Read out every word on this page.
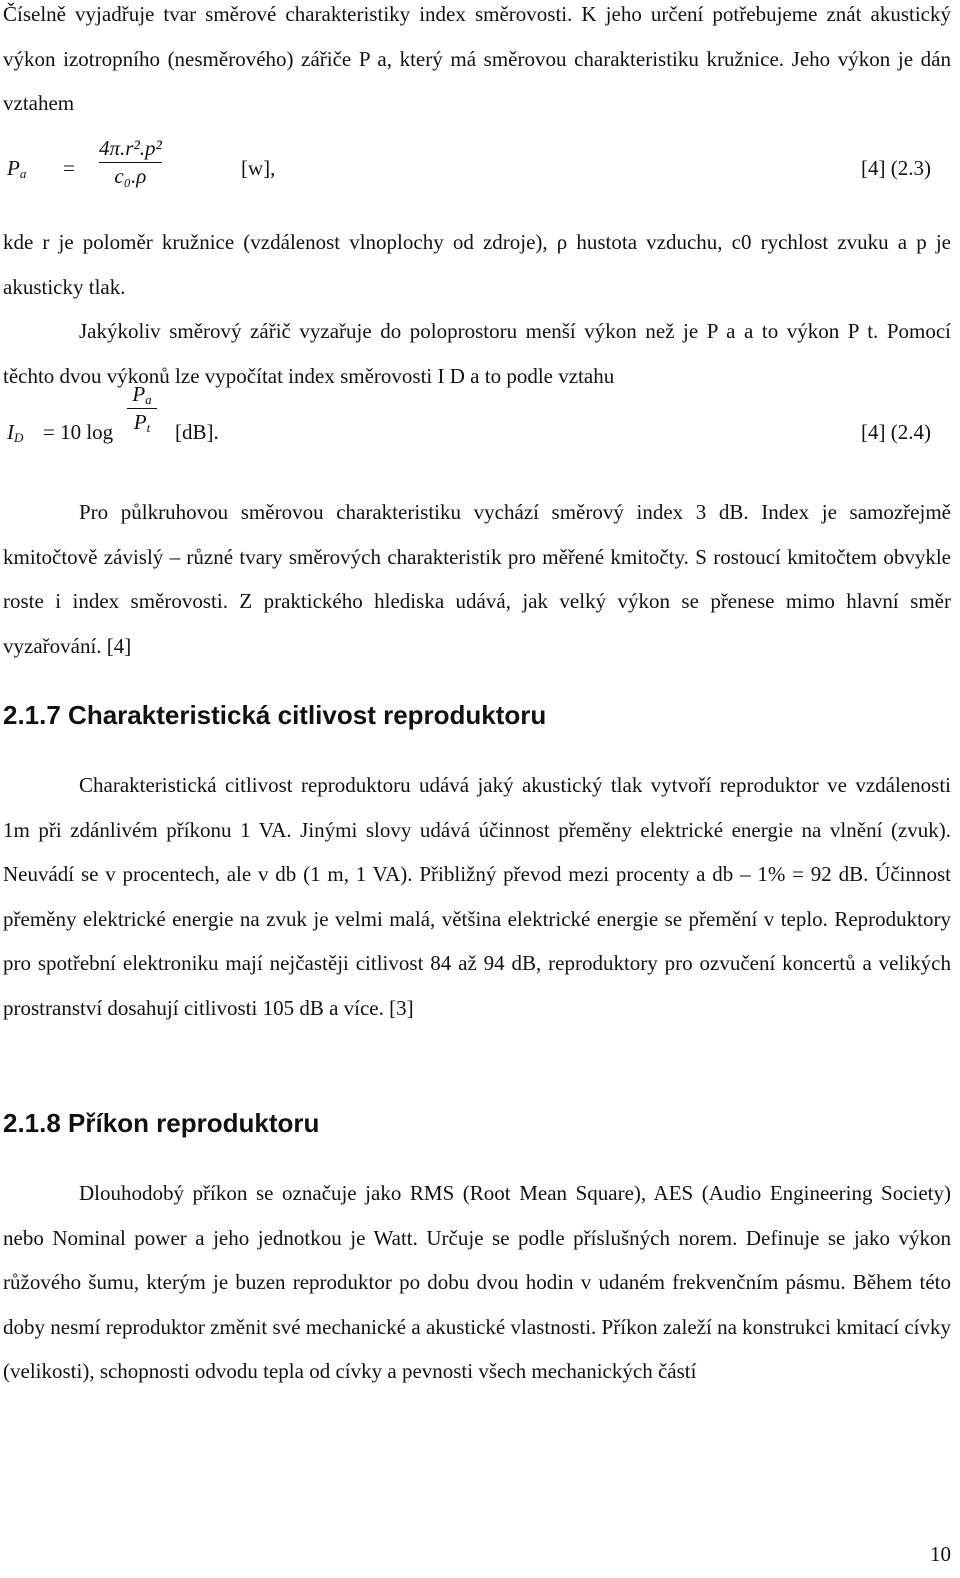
Číselně vyjadřuje tvar směrové charakteristiky index směrovosti. K jeho určení potřebujeme znát akustický výkon izotropního (nesměrového) zářiče P a, který má směrovou charakteristiku kružnice. Jeho výkon je dán vztahem
$P_a$ =
4π.r².p²
c₀.ρ	[w],	[4] (2.3)
kde r je poloměr kružnice (vzdálenost vlnoplochy od zdroje), ρ hustota vzduchu, c0 rychlost zvuku a p je akusticky tlak.
Jakýkoliv směrový zářič vyzařuje do poloprostoru menší výkon než je P a a to výkon P t. Pomocí těchto dvou výkonů lze vypočítat index směrovosti I D a to podle vztahu
$I_D = 10$ log
$P_a$
$P_t$	[dB].	[4] (2.4)
Pro půlkruhovou směrovou charakteristiku vychází směrový index 3 dB. Index je samozřejmě kmitočtově závislý – různé tvary směrových charakteristik pro měřené kmitočty. S rostoucí kmitočtem obvykle roste i index směrovosti. Z praktického hlediska udává, jak velký výkon se přenese mimo hlavní směr vyzařování. [4]
2.1.7 Charakteristická citlivost reproduktoru
Charakteristická citlivost reproduktoru udává jaký akustický tlak vytvoří reproduktor ve vzdálenosti 1m při zdánlivém příkonu 1 VA. Jinými slovy udává účinnost přeměny elektrické energie na vlnění (zvuk). Neuvádí se v procentech, ale v db (1 m, 1 VA). Přibližný převod mezi procenty a db – 1% = 92 dB. Účinnost přeměny elektrické energie na zvuk je velmi malá, většina elektrické energie se přemění v teplo. Reproduktory pro spotřební elektroniku mají nejčastěji citlivost 84 až 94 dB, reproduktory pro ozvučení koncertů a velikých prostranství dosahují citlivosti 105 dB a více. [3]
2.1.8 Příkon reproduktoru
Dlouhodobý příkon se označuje jako RMS (Root Mean Square), AES (Audio Engineering Society) nebo Nominal power a jeho jednotkou je Watt. Určuje se podle příslušných norem. Definuje se jako výkon růžového šumu, kterým je buzen reproduktor po dobu dvou hodin v udaném frekvenčním pásmu. Během této doby nesmí reproduktor změnit své mechanické a akustické vlastnosti. Příkon zaleží na konstrukci kmitací cívky (velikosti), schopnosti odvodu tepla od cívky a pevnosti všech mechanických částí
10
